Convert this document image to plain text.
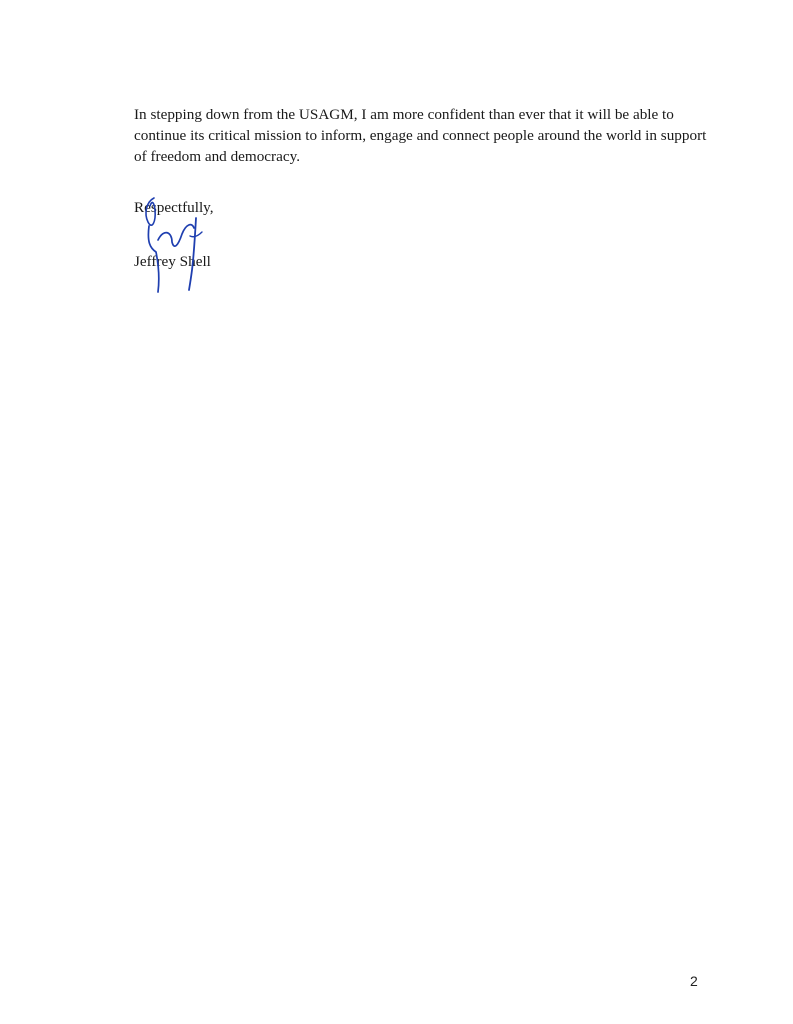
In stepping down from the USAGM, I am more confident than ever that it will be able to continue its critical mission to inform, engage and connect people around the world in support of freedom and democracy.

Respectfully,

Jeffrey Shell

2
